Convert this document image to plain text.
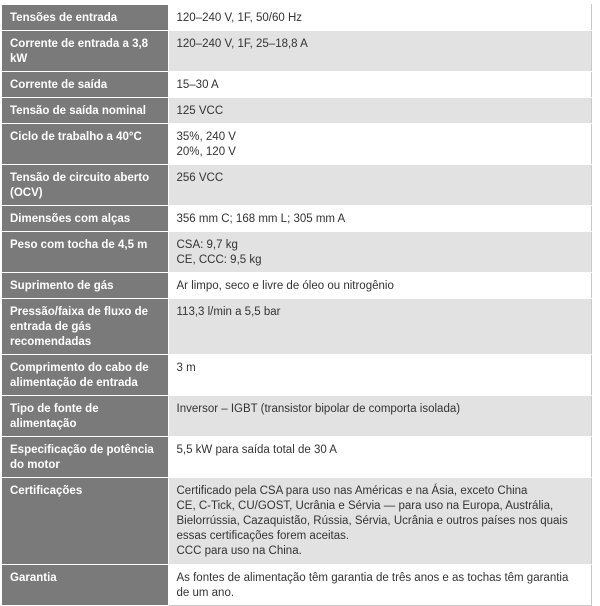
Tensões de entrada	120–240 V, 1F, 50/60 Hz

Corrente de entrada a 3,8 kW	120–240 V, 1F, 25–18,8 A

Corrente de saída	15–30 A

Tensão de saída nominal	125 VCC

Ciclo de trabalho a 40°C	35%, 240 V
20%, 120 V

Tensão de circuito aberto (OCV)	256 VCC

Dimensões com alças	356 mm C; 168 mm L; 305 mm A

Peso com tocha de 4,5 m	CSA: 9,7 kg
CE, CCC: 9,5 kg

Suprimento de gás	Ar limpo, seco e livre de óleo ou nitrogênio

Pressão/faixa de fluxo de entrada de gás recomendadas	113,3 l/min a 5,5 bar

Comprimento do cabo de alimentação de entrada	3 m

Tipo de fonte de alimentação	Inversor – IGBT (transistor bipolar de comporta isolada)

Especificação de potência do motor	5,5 kW para saída total de 30 A

Certificações	Certificado pela CSA para uso nas Américas e na Ásia, exceto China
CE, C-Tick, CU/GOST, Ucrânia e Sérvia — para uso na Europa, Austrália, Bielorrússia, Cazaquistão, Rússia, Sérvia, Ucrânia e outros países nos quais essas certificações forem aceitas.
CCC para uso na China.

Garantia	As fontes de alimentação têm garantia de três anos e as tochas têm garantia de um ano.
